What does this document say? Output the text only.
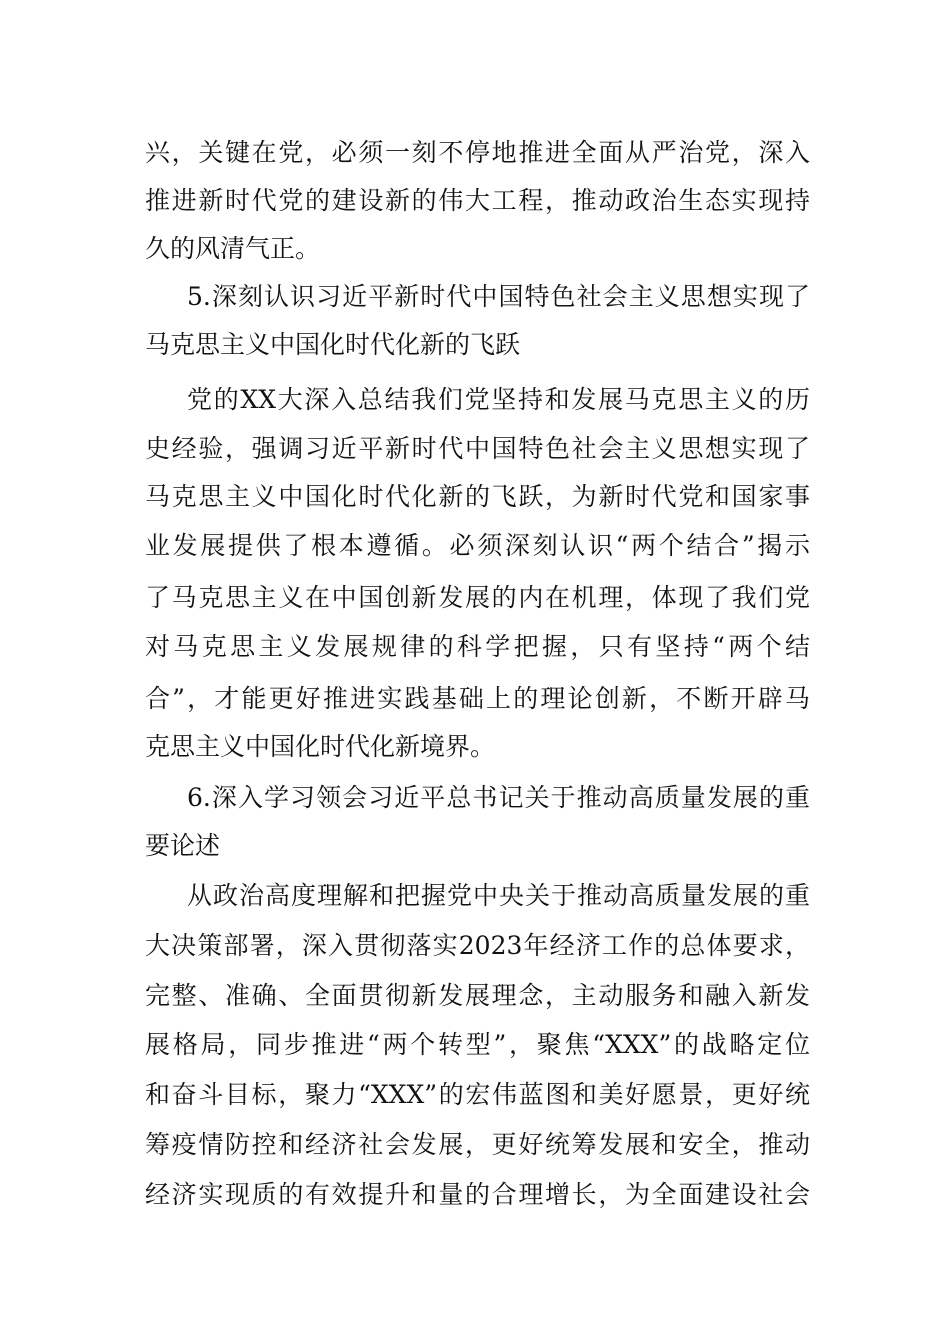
兴，关键在党，必须一刻不停地推进全面从严治党，深入
推进新时代党的建设新的伟大工程，推动政治生态实现持
久的风清气正。
5.深刻认识习近平新时代中国特色社会主义思想实现了
马克思主义中国化时代化新的飞跃
党的XX大深入总结我们党坚持和发展马克思主义的历
史经验，强调习近平新时代中国特色社会主义思想实现了
马克思主义中国化时代化新的飞跃，为新时代党和国家事
业发展提供了根本遵循。必须深刻认识“两个结合”揭示
了马克思主义在中国创新发展的内在机理，体现了我们党
对马克思主义发展规律的科学把握，只有坚持“两个结
合”，才能更好推进实践基础上的理论创新，不断开辟马
克思主义中国化时代化新境界。
6.深入学习领会习近平总书记关于推动高质量发展的重
要论述
从政治高度理解和把握党中央关于推动高质量发展的重
大决策部署，深入贯彻落实2023年经济工作的总体要求，
完整、准确、全面贯彻新发展理念，主动服务和融入新发
展格局，同步推进“两个转型”，聚焦“XXX”的战略定位
和奋斗目标，聚力“XXX”的宏伟蓝图和美好愿景，更好统
筹疫情防控和经济社会发展，更好统筹发展和安全，推动
经济实现质的有效提升和量的合理增长，为全面建设社会
